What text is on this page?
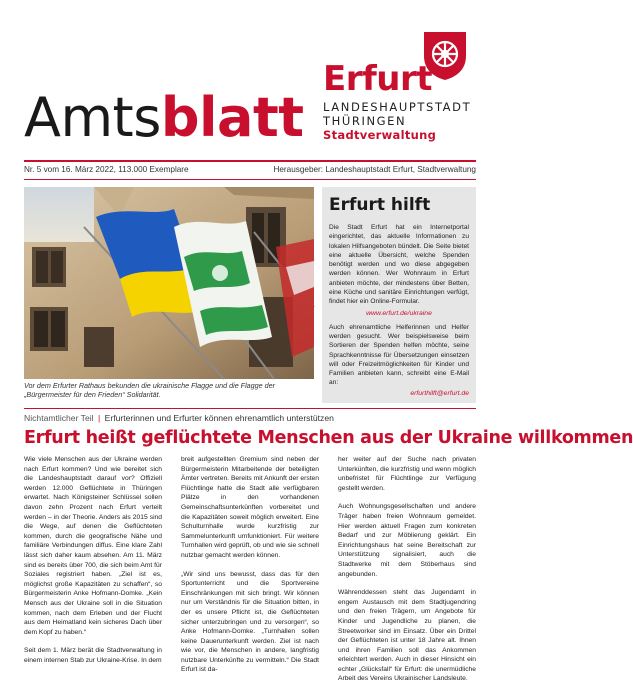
Amtsblatt
Erfurt
LANDESHAUPTSTADT
THÜRINGEN
Stadtverwaltung
Nr. 5 vom 16. März 2022, 113.000 Exemplare	Herausgeber: Landeshauptstadt Erfurt, Stadtverwaltung
Vor dem Erfurter Rathaus bekunden die ukrainische Flagge und die Flagge der „Bürgermeister für den Frieden“ Solidarität.
Erfurt hilft

Die Stadt Erfurt hat ein Internetportal eingerichtet, das aktuelle Informationen zu lokalen Hilfsangeboten bündelt. Die Seite bietet eine aktuelle Übersicht, welche Spenden benötigt werden und wo diese abgegeben werden können. Wer Wohnraum in Erfurt anbieten möchte, der mindestens über Betten, eine Küche und sanitäre Einrichtungen verfügt, findet hier ein Online-Formular.

www.erfurt.de/ukraine

Auch ehrenamtliche Helferinnen und Helfer werden gesucht. Wer beispielsweise beim Sortieren der Spenden helfen möchte, seine Sprachkenntnisse für Übersetzungen einsetzen will oder Freizeitmöglichkeiten für Kinder und Familien anbieten kann, schreibt eine E-Mail an:

erfurthilft@erfurt.de
Nichtamtlicher Teil | Erfurterinnen und Erfurter können ehrenamtlich unterstützen
Erfurt heißt geflüchtete Menschen aus der Ukraine willkommen

Wie viele Menschen aus der Ukraine werden nach Erfurt kommen? Und wie bereitet sich die Landeshauptstadt darauf vor? Offiziell werden 12.000 Geflüchtete in Thüringen erwartet. Nach Königsteiner Schlüssel sollen davon zehn Prozent nach Erfurt verteilt werden – in der Theorie. Anders als 2015 sind die Wege, auf denen die Geflüchteten kommen, durch die geografische Nähe und familiäre Verbindungen diffus. Eine klare Zahl lässt sich daher kaum absehen. Am 11. März sind es bereits über 700, die sich beim Amt für Soziales registriert haben. „Ziel ist es, möglichst große Kapazitäten zu schaffen“, so Bürgermeisterin Anke Hofmann-Domke. „Kein Mensch aus der Ukraine soll in die Situation kommen, nach dem Erleben und der Flucht aus dem Heimatland kein sicheres Dach über dem Kopf zu haben.“

Seit dem 1. März berät die Stadtverwaltung in einem internen Stab zur Ukraine-Krise. In dem

breit aufgestellten Gremium sind neben der Bürgermeisterin Mitarbeitende der beteiligten Ämter vertreten. Bereits mit Ankunft der ersten Flüchtlinge hatte die Stadt alle verfügbaren Plätze in den vorhandenen Gemeinschaftsunterkünften vorbereitet und die Kapazitäten soweit möglich erweitert. Eine Schulturnhalle wurde kurzfristig zur Sammelunterkunft umfunktioniert. Für weitere Turnhallen wird geprüft, ob und wie sie schnell nutzbar gemacht werden können.

„Wir sind uns bewusst, dass das für den Sportunterricht und die Sportvereine Einschränkungen mit sich bringt. Wir können nur um Verständnis für die Situation bitten, in der es unsere Pflicht ist, die Geflüchteten sicher unterzubringen und zu versorgen“, so Anke Hofmann-Domke. „Turnhallen sollen keine Dauerunterkunft werden. Ziel ist nach wie vor, die Menschen in andere, langfristig nutzbare Unterkünfte zu vermitteln.“ Die Stadt Erfurt ist da-

her weiter auf der Suche nach privaten Unterkünften, die kurzfristig und wenn möglich unbefristet für Flüchtlinge zur Verfügung gestellt werden.

Auch Wohnungsgesellschaften und andere Träger haben freien Wohnraum gemeldet. Hier werden aktuell Fragen zum konkreten Bedarf und zur Möblierung geklärt. Ein Einrichtungshaus hat seine Bereitschaft zur Unterstützung signalisiert, auch die Stadtwerke mit dem Stöberhaus sind angebunden.

Währenddessen steht das Jugendamt in engem Austausch mit dem Stadtjugendring und den freien Trägern, um Angebote für Kinder und Jugendliche zu planen, die Streetworker sind im Einsatz. Über ein Drittel der Geflüchteten ist unter 18 Jahre alt. Ihnen und ihren Familien soll das Ankommen erleichtert werden. Auch in dieser Hinsicht ein echter „Glücksfall“ für Erfurt: die unermüdliche Arbeit des Vereins Ukrainischer Landsleute.
